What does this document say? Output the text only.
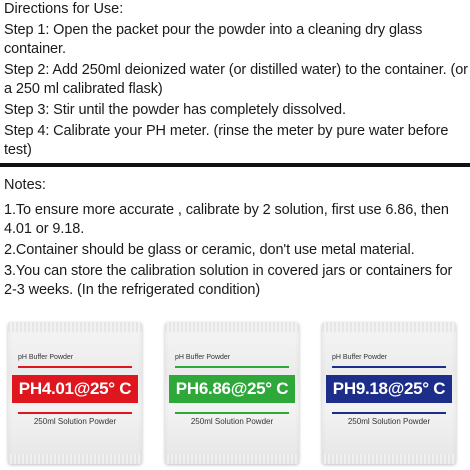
Directions for Use:
Step 1: Open the packet pour the powder into a cleaning dry glass container.
Step 2: Add 250ml deionized water (or distilled water) to the container. (or a 250 ml calibrated flask)
Step 3: Stir until the powder has completely dissolved.
Step 4: Calibrate your PH meter. (rinse the meter by pure water before test)
Notes:
1.To ensure more accurate , calibrate by 2 solution, first use 6.86, then 4.01 or 9.18.
2.Container should be glass or ceramic, don't use metal material.
3.You can store the calibration solution in covered jars or containers for 2-3 weeks. (In the refrigerated condition)
pH Buffer Powder
PH4.01@25° C
250ml Solution Powder
pH Buffer Powder
PH6.86@25° C
250ml Solution Powder
pH Buffer Powder
PH9.18@25° C
250ml Solution Powder
